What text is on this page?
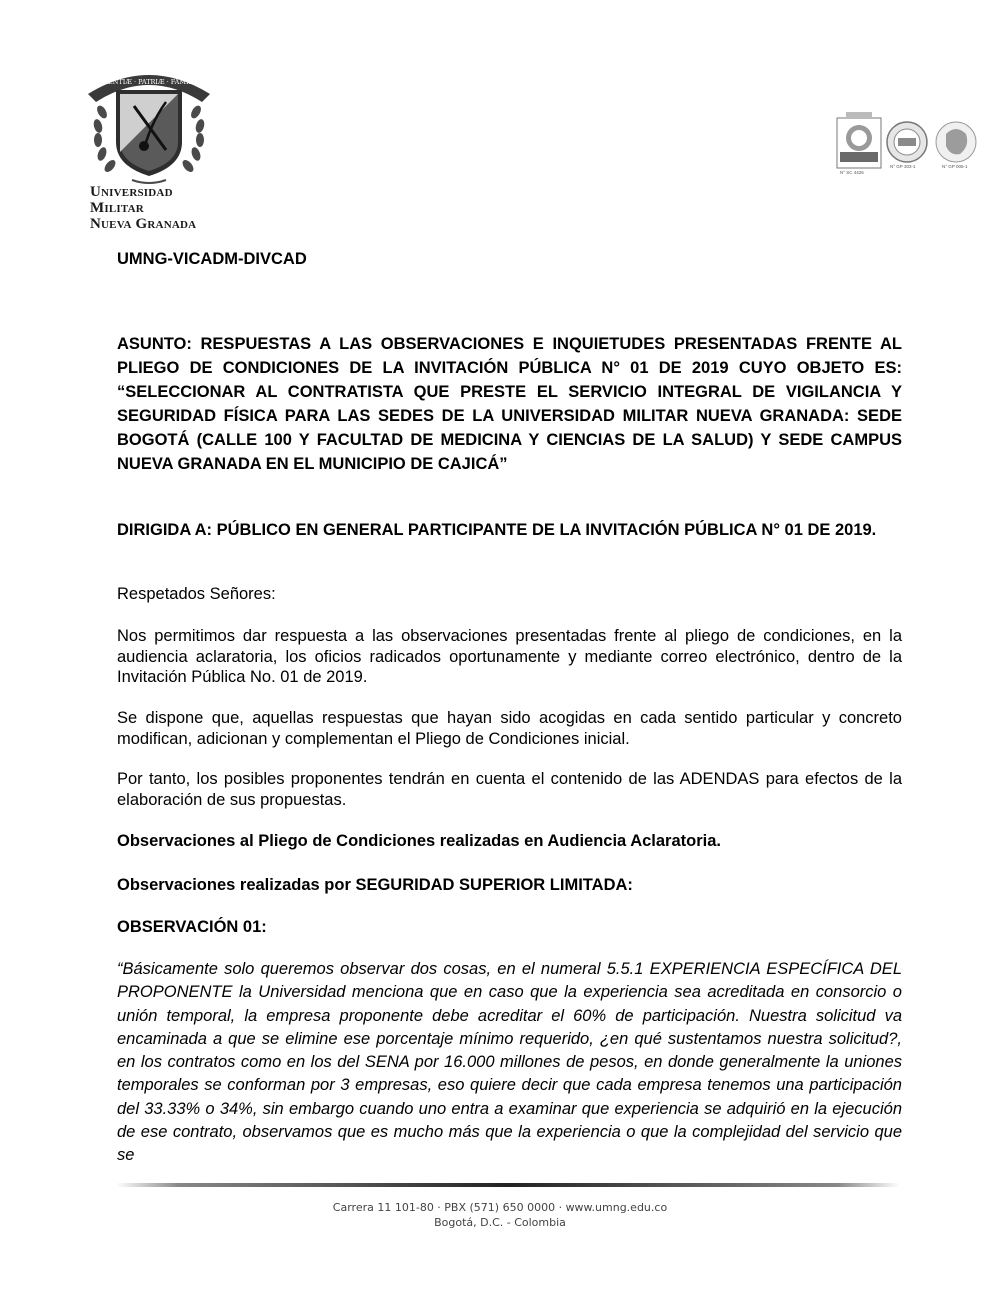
SCIENTIÆ · PATRIÆ · FAMILIÆ
Universidad Militar
Nueva Granada
N° SC 4426
N° GP 303-1	N° GP 006-1
UMNG-VICADM-DIVCAD
ASUNTO: RESPUESTAS A LAS OBSERVACIONES E INQUIETUDES PRESENTADAS FRENTE AL PLIEGO DE CONDICIONES DE LA INVITACIÓN PÚBLICA N° 01 DE 2019 CUYO OBJETO ES: “SELECCIONAR AL CONTRATISTA QUE PRESTE EL SERVICIO INTEGRAL DE VIGILANCIA Y SEGURIDAD FÍSICA PARA LAS SEDES DE LA UNIVERSIDAD MILITAR NUEVA GRANADA: SEDE BOGOTÁ (CALLE 100 Y FACULTAD DE MEDICINA Y CIENCIAS DE LA SALUD) Y SEDE CAMPUS NUEVA GRANADA EN EL MUNICIPIO DE CAJICÁ”
DIRIGIDA A: PÚBLICO EN GENERAL PARTICIPANTE DE LA INVITACIÓN PÚBLICA N° 01 DE 2019.
Respetados Señores:
Nos permitimos dar respuesta a las observaciones presentadas frente al pliego de condiciones, en la audiencia aclaratoria, los oficios radicados oportunamente y mediante correo electrónico, dentro de la Invitación Pública No. 01 de 2019.
Se dispone que, aquellas respuestas que hayan sido acogidas en cada sentido particular y concreto modifican, adicionan y complementan el Pliego de Condiciones inicial.
Por tanto, los posibles proponentes tendrán en cuenta el contenido de las ADENDAS para efectos de la elaboración de sus propuestas.
Observaciones al Pliego de Condiciones realizadas en Audiencia Aclaratoria.
Observaciones realizadas por SEGURIDAD SUPERIOR LIMITADA:
OBSERVACIÓN 01:
“Básicamente solo queremos observar dos cosas, en el numeral 5.5.1 EXPERIENCIA ESPECÍFICA DEL PROPONENTE la Universidad menciona que en caso que la experiencia sea acreditada en consorcio o unión temporal, la empresa proponente debe acreditar el 60% de participación. Nuestra solicitud va encaminada a que se elimine ese porcentaje mínimo requerido, ¿en qué sustentamos nuestra solicitud?, en los contratos como en los del SENA por 16.000 millones de pesos, en donde generalmente la uniones temporales se conforman por 3 empresas, eso quiere decir que cada empresa tenemos una participación del 33.33% o 34%, sin embargo cuando uno entra a examinar que experiencia se adquirió en la ejecución de ese contrato, observamos que es mucho más que la experiencia o que la complejidad del servicio que se
Carrera 11 101-80 · PBX (571) 650 0000 · www.umng.edu.co
Bogotá, D.C. - Colombia
